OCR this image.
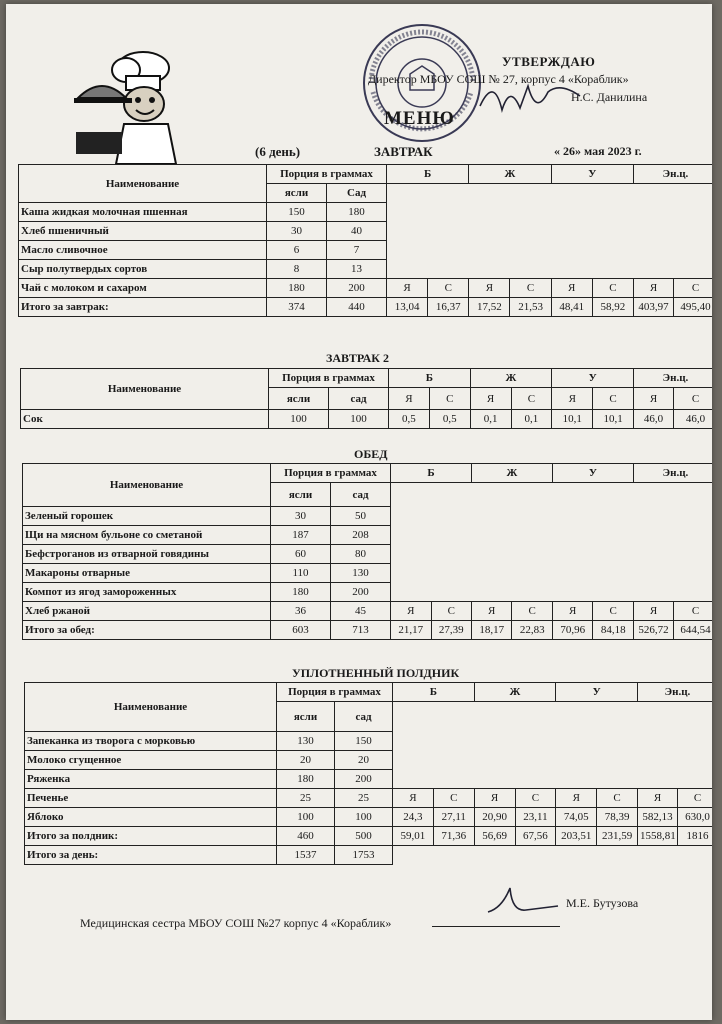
УТВЕРЖДАЮ
Директор МБОУ СОШ № 27, корпус 4 «Кораблик»
Н.С. Данилина
МЕНЮ
(6 день)	ЗАВТРАК	« 26» мая 2023 г.
Наименование	Порция в граммах		Б		Ж		У		Эн.ц.	
	ясли	Сад								
Каша жидкая молочная пшенная	150	180								
Хлеб пшеничный	30	40								
Масло сливочное	6	7								
Сыр полутвердых сортов	8	13								
Чай с молоком и сахаром	180	200	Я	С	Я	С	Я	С	Я	С
Итого за завтрак:	374	440	13,04	16,37	17,52	21,53	48,41	58,92	403,97	495,40
ЗАВТРАК 2
Наименование	Порция в граммах		Б		Ж		У		Эн.ц.	
	ясли	сад	Я	С	Я	С	Я	С	Я	С
Сок	100	100	0,5	0,5	0,1	0,1	10,1	10,1	46,0	46,0
ОБЕД
Наименование	Порция в граммах		Б		Ж		У		Эн.ц.	
	ясли	сад								
Зеленый горошек	30	50								
Щи на мясном бульоне со сметаной	187	208								
Бефстроганов из отварной говядины	60	80								
Макароны отварные	110	130								
Компот из ягод замороженных	180	200								
Хлеб ржаной	36	45	Я	С	Я	С	Я	С	Я	С
Итого за обед:	603	713	21,17	27,39	18,17	22,83	70,96	84,18	526,72	644,54
УПЛОТНЕННЫЙ ПОЛДНИК
Наименование	Порция в граммах		Б		Ж		У		Эн.ц.	
	ясли	сад								
Запеканка из творога с морковью	130	150								
Молоко сгущенное	20	20								
Ряженка	180	200								
Печенье	25	25	Я	С	Я	С	Я	С	Я	С
Яблоко	100	100	24,3	27,11	20,90	23,11	74,05	78,39	582,13	630,0
Итого за полдник:	460	500	59,01	71,36	56,69	67,56	203,51	231,59	1558,81	1816
Итого за день:	1537	1753								
Медицинская сестра МБОУ СОШ №27 корпус 4 «Кораблик»
М.Е. Бутузова
